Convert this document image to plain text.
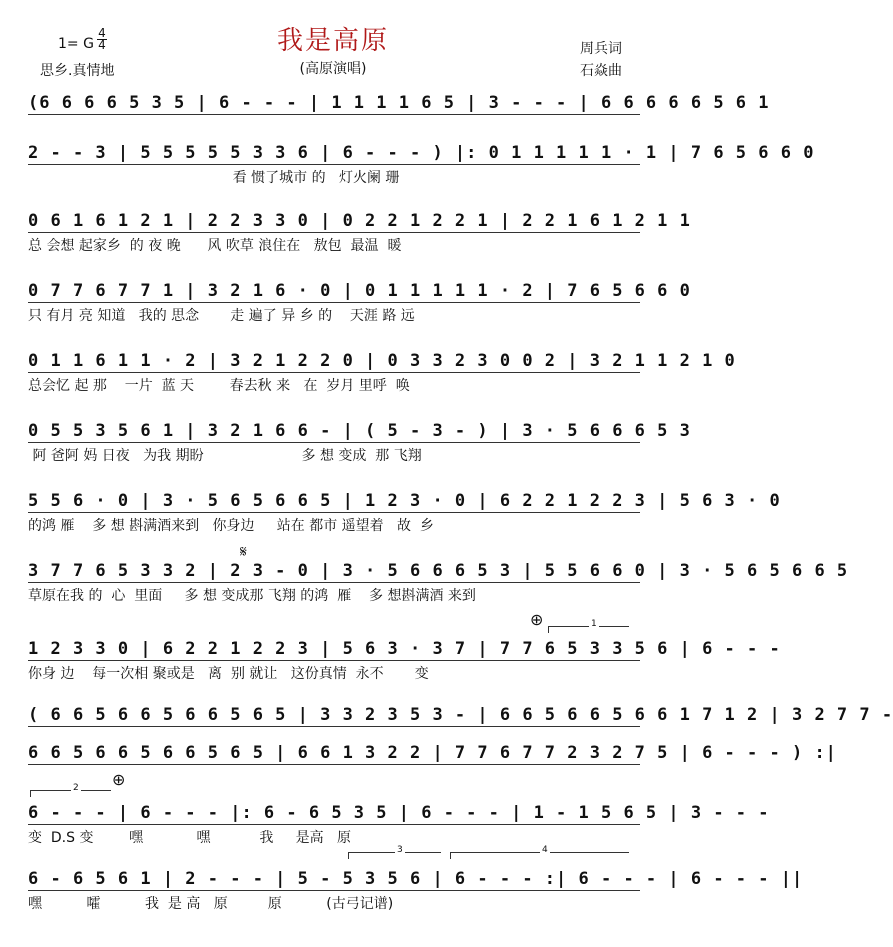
我是高原
(高原演唱)
1= G
4
4
思乡.真情地
周兵词
石焱曲
(6 6 6 6 5 3 5 | 6 - - - | 1 1 1 1 6 5 | 3 - - - | 6 6 6 6 6 5 6 1
2 - - 3 | 5 5 5 5 5 3 3 6 | 6 - - - ) |: 0 1 1 1 1 1 · 1 | 7 6 5 6 6 0
看 惯了城市 的   灯火阑 珊
0 6 1 6 1 2 1 | 2 2 3 3 0 | 0 2 2 1 2 2 1 | 2 2 1 6 1 2 1 1
总 会想 起家乡  的 夜 晚      风 吹草 浪住在   敖包  最温  暖
0 7 7 6 7 7 1 | 3 2 1 6 · 0 | 0 1 1 1 1 1 · 2 | 7 6 5 6 6 0
只 有月 亮 知道   我的 思念       走 遍了 异 乡 的    天涯 路 远
0 1 1 6 1 1 · 2 | 3 2 1 2 2 0 | 0 3 3 2 3 0 0 2 | 3 2 1 1 2 1 0
总会忆 起 那    一片  蓝 天        春去秋 来   在  岁月 里呼  唤
0 5 5 3 5 6 1 | 3 2 1 6 6 - | ( 5 - 3 - ) | 3 · 5 6 6 6 5 3
阿 爸阿 妈 日夜   为我 期盼                      多 想 变成  那 飞翔
5 5 6 · 0 | 3 · 5 6 5 6 6 5 | 1 2 3 · 0 | 6 2 2 1 2 2 3 | 5 6 3 · 0
的鸿 雁    多 想 斟满酒来到   你身边     站在 都市 遥望着   故  乡
𝄋
3 7 7 6 5 3 3 2 | 2 3 - 0 | 3 · 5 6 6 6 5 3 | 5 5 6 6 0 | 3 · 5 6 5 6 6 5
草原在我 的  心  里面     多 想 变成那 飞翔 的鸿  雁    多 想斟满酒 来到
⊕	1
1 2 3 3 0 | 6 2 2 1 2 2 3 | 5 6 3 · 3 7 | 7 7 6 5 3 3 5 6 | 6 - - -
你身 边    每一次相 聚或是   离  别 就让   这份真情  永不       变
( 6 6 5 6 6 5 6 6 5 6 5 | 3 3 2 3 5 3 - | 6 6 5 6 6 5 6 6 1 7 1 2 | 3 2 7 7 -
6 6 5 6 6 5 6 6 5 6 5 | 6 6 1 3 2 2 | 7 7 6 7 7 2 3 2 7 5 | 6 - - - ) :|
2 ⊕
6 - - - | 6 - - - |: 6 - 6 5 3 5 | 6 - - - | 1 - 1 5 6 5 | 3 - - -
变  D.S 变        嘿            嘿           我     是高   原
3	4
6 - 6 5 6 1 | 2 - - - | 5 - 5 3 5 6 | 6 - - - :| 6 - - - | 6 - - - ||
嘿          嚯          我  是 高   原         原          (古弓记谱)
